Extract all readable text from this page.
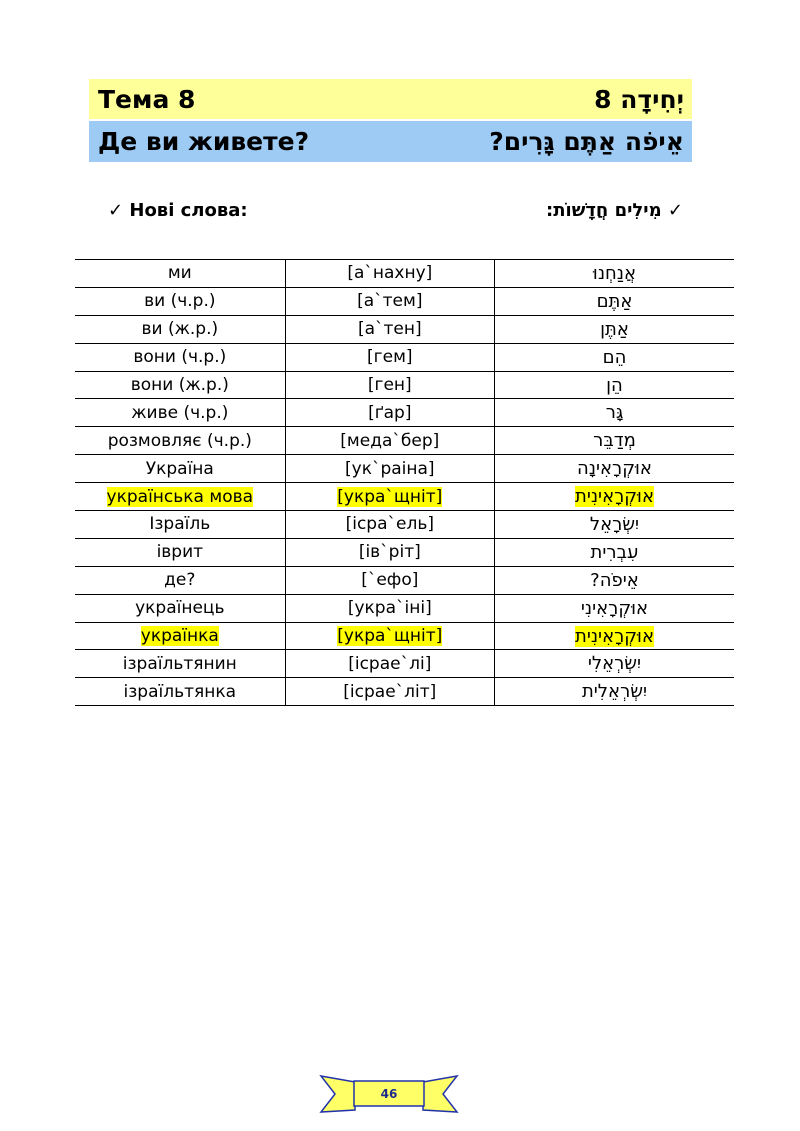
Тема 8	יְחִידָה 8
Де ви живете?	אֵיפֹה אַתֶּם גָּרִים?
✓ Нові слова:	מִילִים חֲדָשׁוֹת: ✓
ми	[а`нахну]	אֲנַחְנוּ
ви (ч.р.)	[а`тем]	אַתֶּם
ви (ж.р.)	[а`тен]	אַתֶּן
вони (ч.р.)	[гем]	הֵם
вони (ж.р.)	[ген]	הֵן
живе (ч.р.)	[ґар]	גָּר
розмовляє (ч.р.)	[меда`бер]	מְדַבֵּר
Україна	[ук`раіна]	אוּקְרָאִינָה
українська мова	[укра`щніт]	אוּקְרָאִינִית
Ізраїль	[ісра`ель]	יִשְׂרָאֵל
іврит	[ів`ріт]	עִבְרִית
де?	[`ефо]	אֵיפֹה?
українець	[укра`іні]	אוּקְרָאִינִי
українка	[укра`щніт]	אוּקְרָאִינִית
ізраїльтянин	[ісрае`лі]	יִשְׂרְאֵלִי
ізраїльтянка	[ісрае`літ]	יִשְׂרְאֵלִית
46
